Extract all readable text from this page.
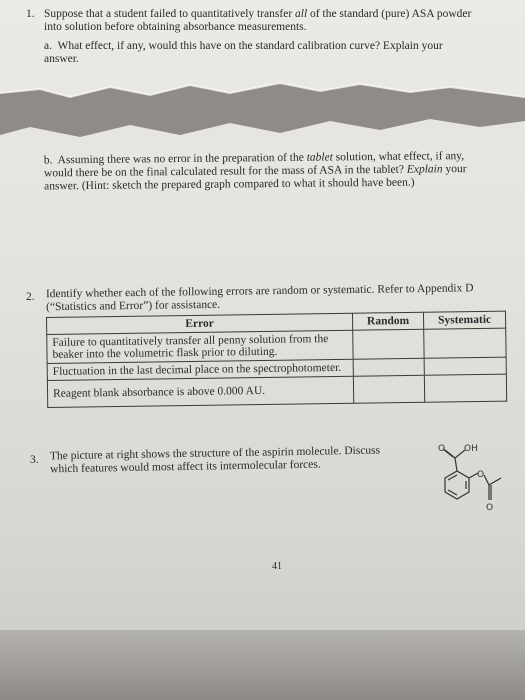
1. Suppose that a student failed to quantitatively transfer all of the standard (pure) ASA powder
into solution before obtaining absorbance measurements.
a. What effect, if any, would this have on the standard calibration curve? Explain your
answer.
b. Assuming there was no error in the preparation of the tablet solution, what effect, if any,
would there be on the final calculated result for the mass of ASA in the tablet? Explain your
answer. (Hint: sketch the prepared graph compared to what it should have been.)
2. Identify whether each of the following errors are random or systematic. Refer to Appendix D
(“Statistics and Error”) for assistance.
Error	Random	Systematic
Failure to quantitatively transfer all penny solution from the beaker into the volumetric flask prior to diluting.		
Fluctuation in the last decimal place on the spectrophotometer.		
Reagent blank absorbance is above 0.000 AU.		
3. The picture at right shows the structure of the aspirin molecule. Discuss
which features would most affect its intermolecular forces.
O OH
O
O
41
